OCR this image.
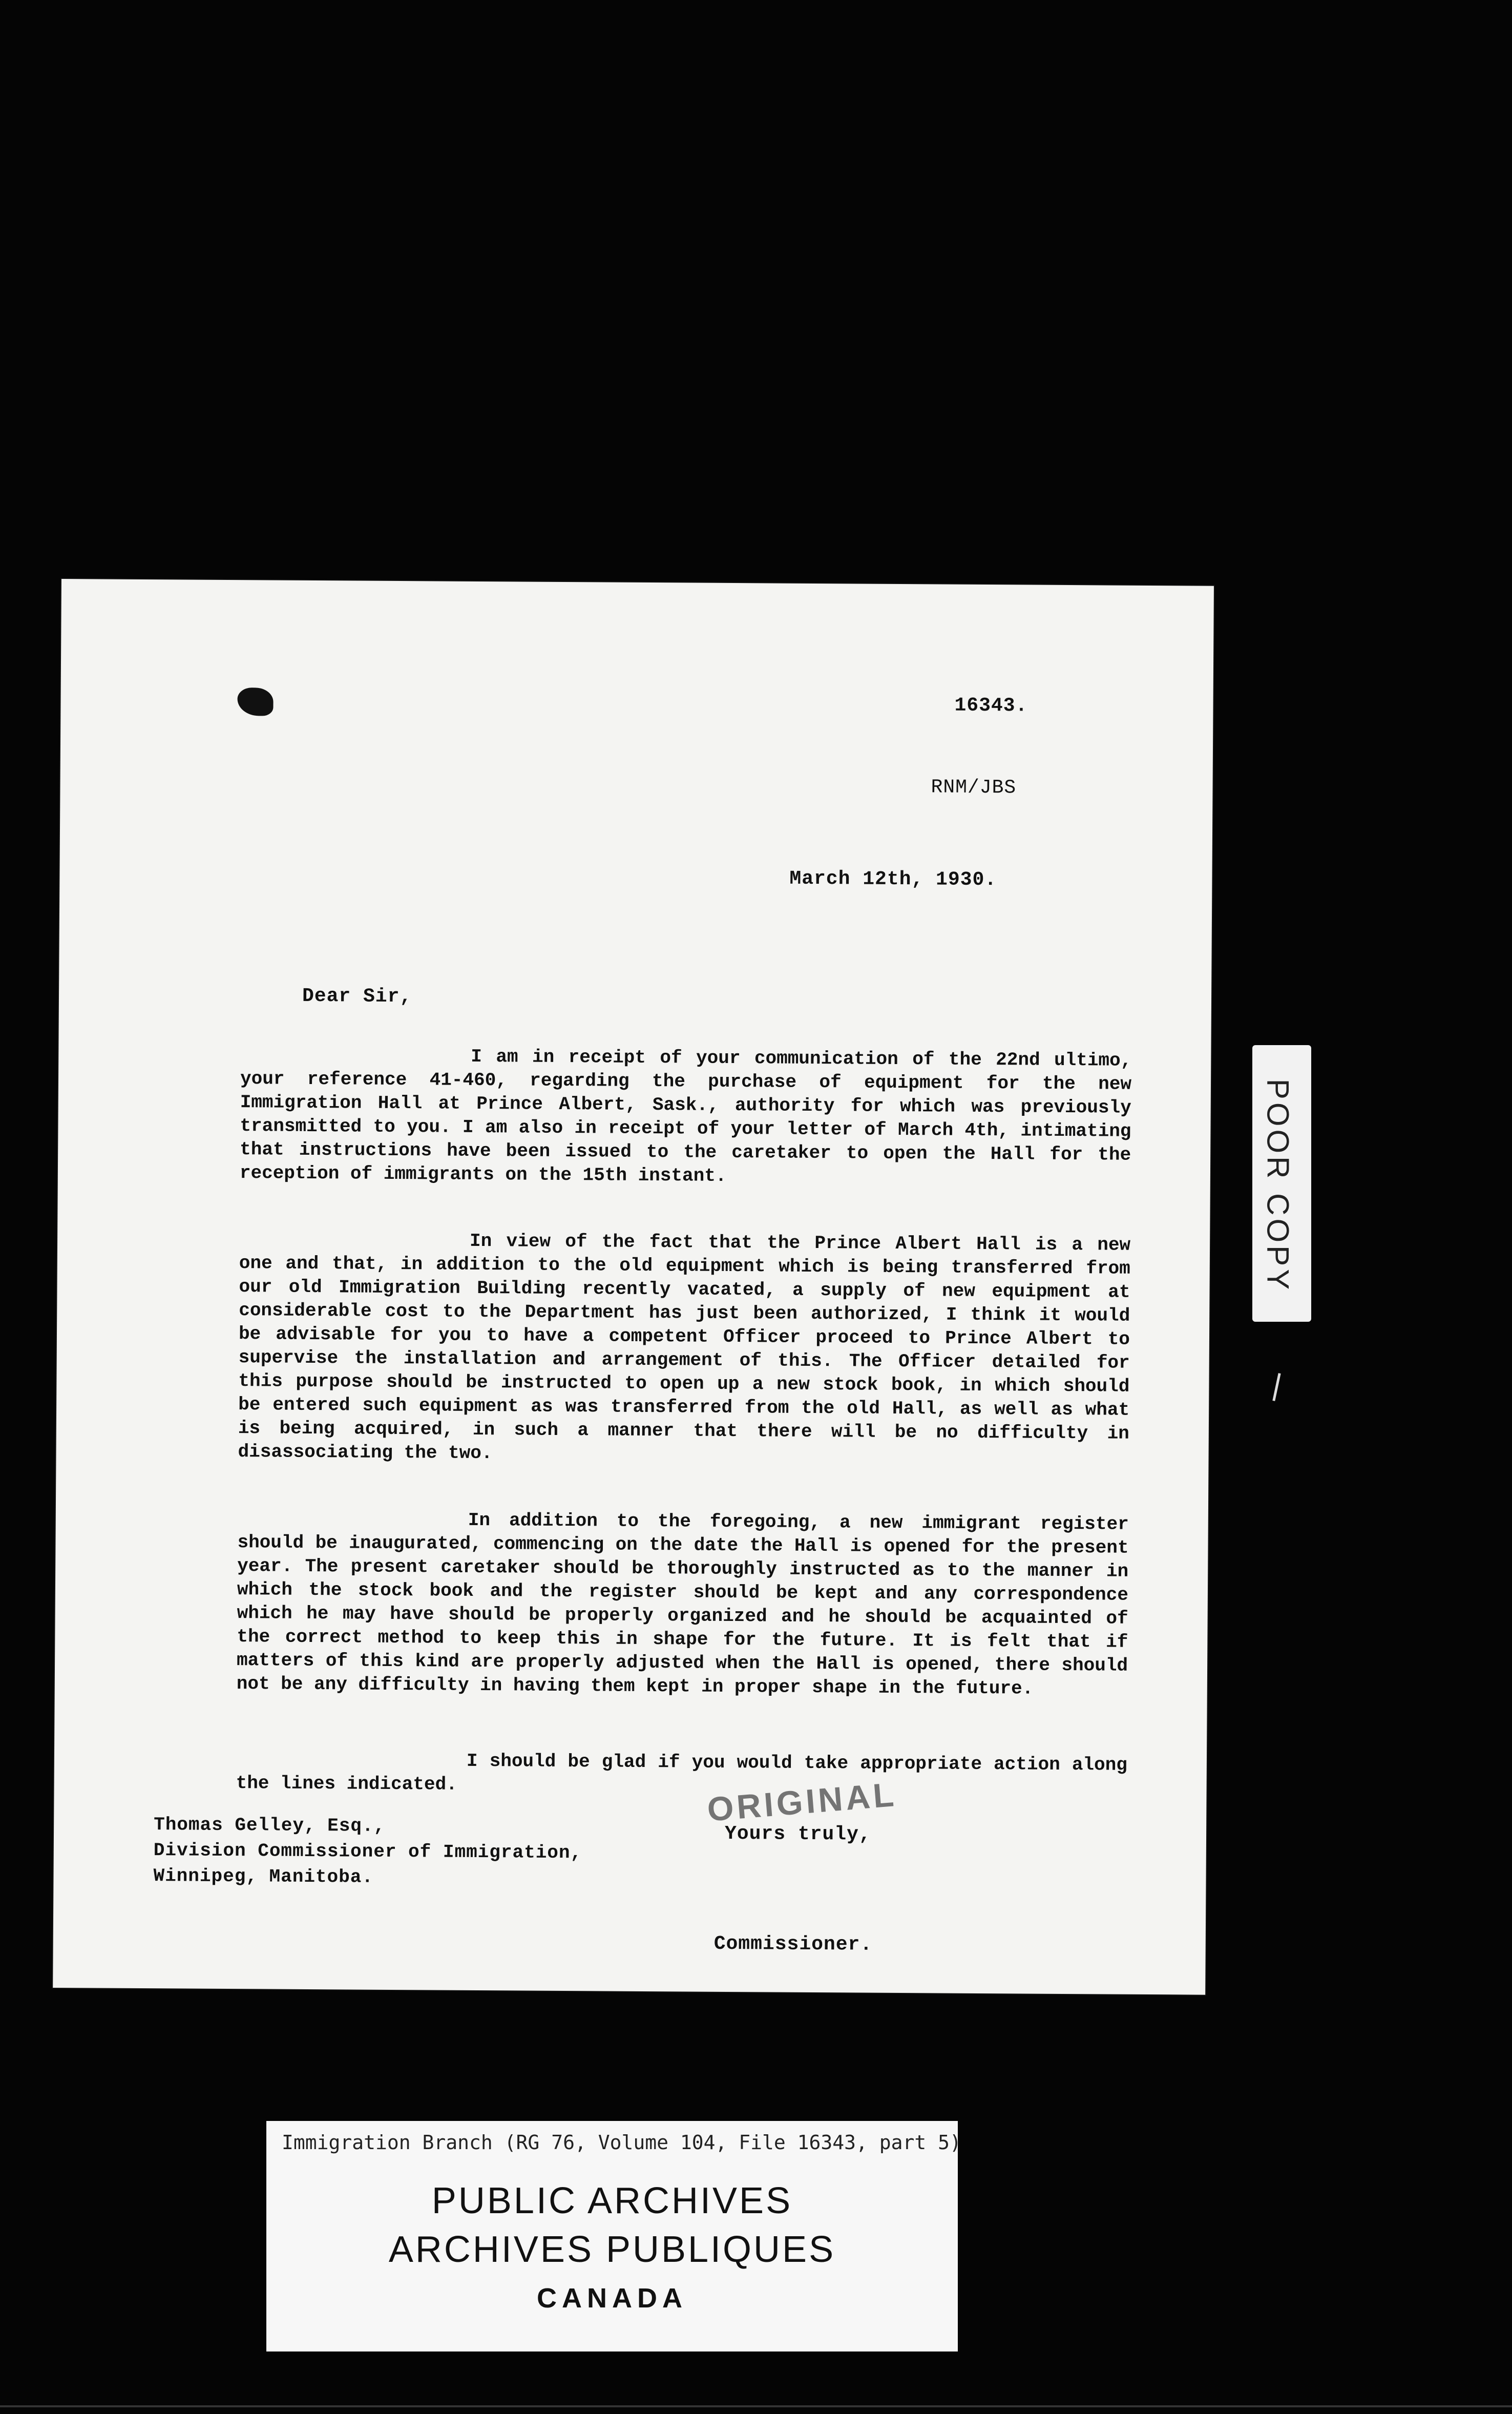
16343.
RNM/JBS
March 12th, 1930.
Dear Sir,
I am in receipt of your communication of the 22nd ultimo, your reference 41-460, regarding the purchase of equipment for the new Immigration Hall at Prince Albert, Sask., authority for which was previously transmitted to you. I am also in receipt of your letter of March 4th, intimating that instructions have been issued to the caretaker to open the Hall for the reception of immigrants on the 15th instant.
In view of the fact that the Prince Albert Hall is a new one and that, in addition to the old equipment which is being transferred from our old Immigration Building recently vacated, a supply of new equipment at considerable cost to the Department has just been authorized, I think it would be advisable for you to have a competent Officer proceed to Prince Albert to supervise the installation and arrangement of this. The Officer detailed for this purpose should be instructed to open up a new stock book, in which should be entered such equipment as was transferred from the old Hall, as well as what is being acquired, in such a manner that there will be no difficulty in disassociating the two.
In addition to the foregoing, a new immigrant register should be inaugurated, commencing on the date the Hall is opened for the present year. The present caretaker should be thoroughly instructed as to the manner in which the stock book and the register should be kept and any correspondence which he may have should be properly organized and he should be acquainted of the correct method to keep this in shape for the future. It is felt that if matters of this kind are properly adjusted when the Hall is opened, there should not be any difficulty in having them kept in proper shape in the future.
I should be glad if you would take appropriate action along the lines indicated.	ORIGINAL
Yours truly,
Thomas Gelley, Esq.,
Division Commissioner of Immigration,
Winnipeg, Manitoba.
Commissioner.
POOR COPY
Immigration Branch (RG 76, Volume 104, File 16343, part 5)
PUBLIC ARCHIVES
ARCHIVES PUBLIQUES
CANADA
